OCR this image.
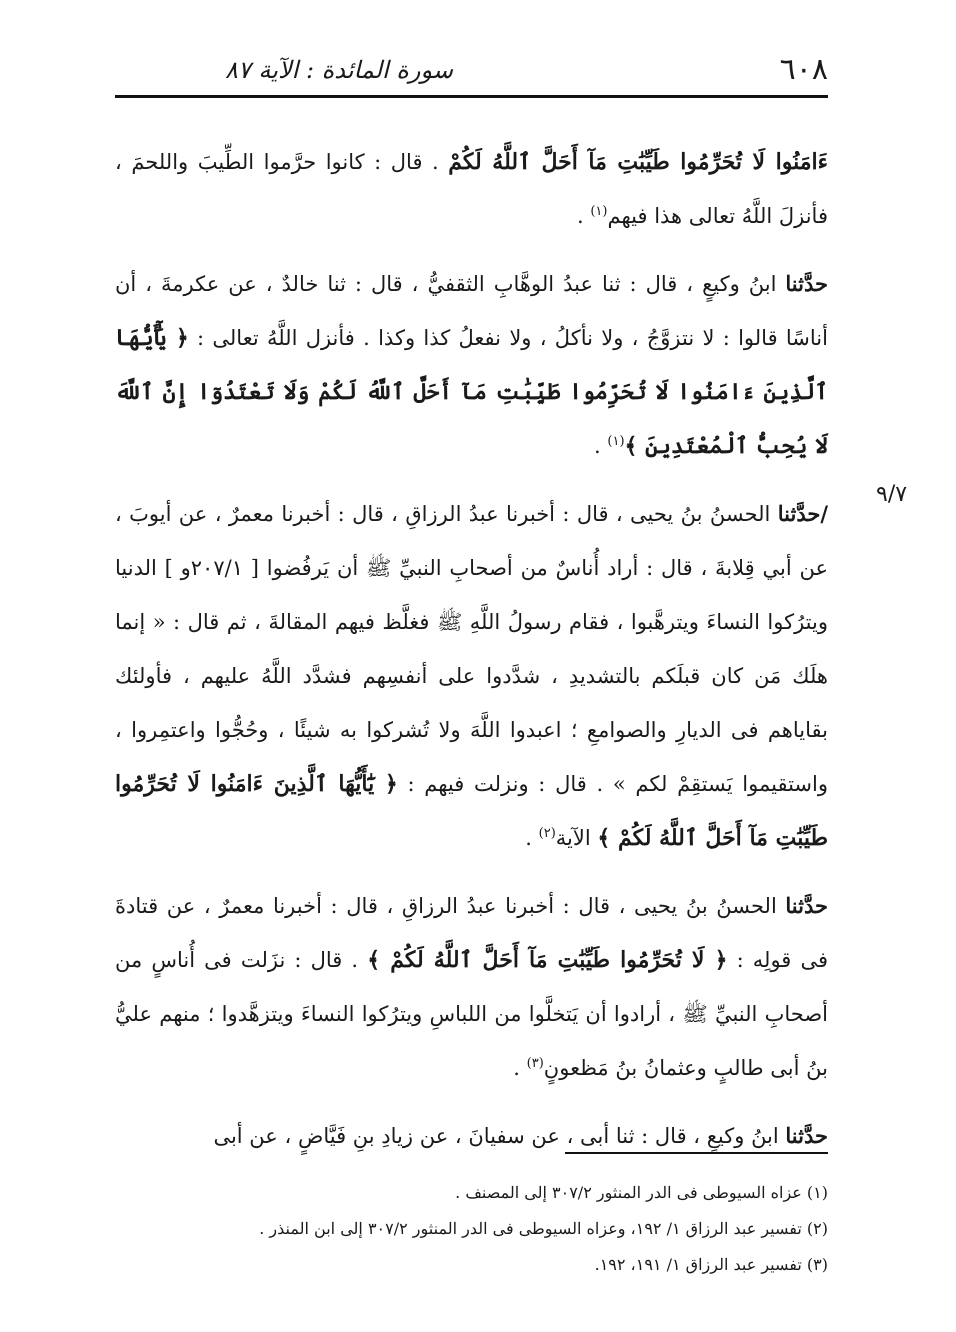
٦٠٨
سورة المائدة : الآية ٨٧
٩/٧

ءَامَنُوا لَا تُحَرِّمُوا طَيِّبَٰتِ مَآ أَحَلَّ ٱللَّهُ لَكُمْ . قال : كانوا حرَّموا الطِّيبَ واللحمَ ، فأنزلَ اللَّهُ تعالى هذا فيهم$^{(١)}$ .

حدَّثنا ابنُ وكيعٍ ، قال : ثنا عبدُ الوهَّابِ الثقفيُّ ، قال : ثنا خالدٌ ، عن عكرمةَ ، أن أناسًا قالوا : لا نتزوَّجُ ، ولا نأكلُ ، ولا نفعلُ كذا وكذا . فأنزل اللَّهُ تعالى : ﴿ يَٰٓأَيُّهَا ٱلَّذِينَ ءَامَنُوا لَا تُحَرِّمُوا طَيِّبَٰتِ مَآ أَحَلَّ ٱللَّهُ لَكُمْ وَلَا تَعْتَدُوٓا إِنَّ ٱللَّهَ لَا يُحِبُّ ٱلْمُعْتَدِينَ ﴾$^{(١)}$ .

/حدَّثنا الحسنُ بنُ يحيى ، قال : أخبرنا عبدُ الرزاقِ ، قال : أخبرنا معمرٌ ، عن أيوبَ ، عن أبي قِلابةَ ، قال : أراد أُناسٌ من أصحابِ النبيِّ ﷺ أن يَرفُضوا [ ٢٠٧/١و ] الدنيا ويترُكوا النساءَ ويترهَّبوا ، فقام رسولُ اللَّهِ ﷺ فغلَّظ فيهم المقالةَ ، ثم قال : « إنما هلَك مَن كان قبلَكم بالتشديدِ ، شدَّدوا على أنفسِهم فشدَّد اللَّهُ عليهم ، فأولئك بقاياهم فى الديارِ والصوامعِ ؛ اعبدوا اللَّهَ ولا تُشركوا به شيئًا ، وحُجُّوا واعتمِروا ، واستقيموا يَستقِمْ لكم » . قال : ونزلت فيهم : ﴿ يَٰٓأَيُّهَا ٱلَّذِينَ ءَامَنُوا لَا تُحَرِّمُوا طَيِّبَٰتِ مَآ أَحَلَّ ٱللَّهُ لَكُمْ ﴾ الآية$^{(٢)}$ .

حدَّثنا الحسنُ بنُ يحيى ، قال : أخبرنا عبدُ الرزاقِ ، قال : أخبرنا معمرٌ ، عن قتادةَ فى قولِه : ﴿ لَا تُحَرِّمُوا طَيِّبَٰتِ مَآ أَحَلَّ ٱللَّهُ لَكُمْ ﴾ . قال : نزَلت فى أُناسٍ من أصحابِ النبيِّ ﷺ ، أرادوا أن يَتخلَّوا من اللباسِ ويترُكوا النساءَ ويتزهَّدوا ؛ منهم عليُّ بنُ أبى طالبٍ وعثمانُ بنُ مَظعونٍ$^{(٣)}$ .

حدَّثنا ابنُ وكيعٍ ، قال : ثنا أبى ، عن سفيانَ ، عن زيادِ بنِ فَيَّاضٍ ، عن أبى

(١) عزاه السيوطى فى الدر المنثور ٣٠٧/٢ إلى المصنف .

(٢) تفسير عبد الرزاق ١/ ١٩٢، وعزاه السيوطى فى الدر المنثور ٣٠٧/٢ إلى ابن المنذر .

(٣) تفسير عبد الرزاق ١/ ١٩١، ١٩٢.
